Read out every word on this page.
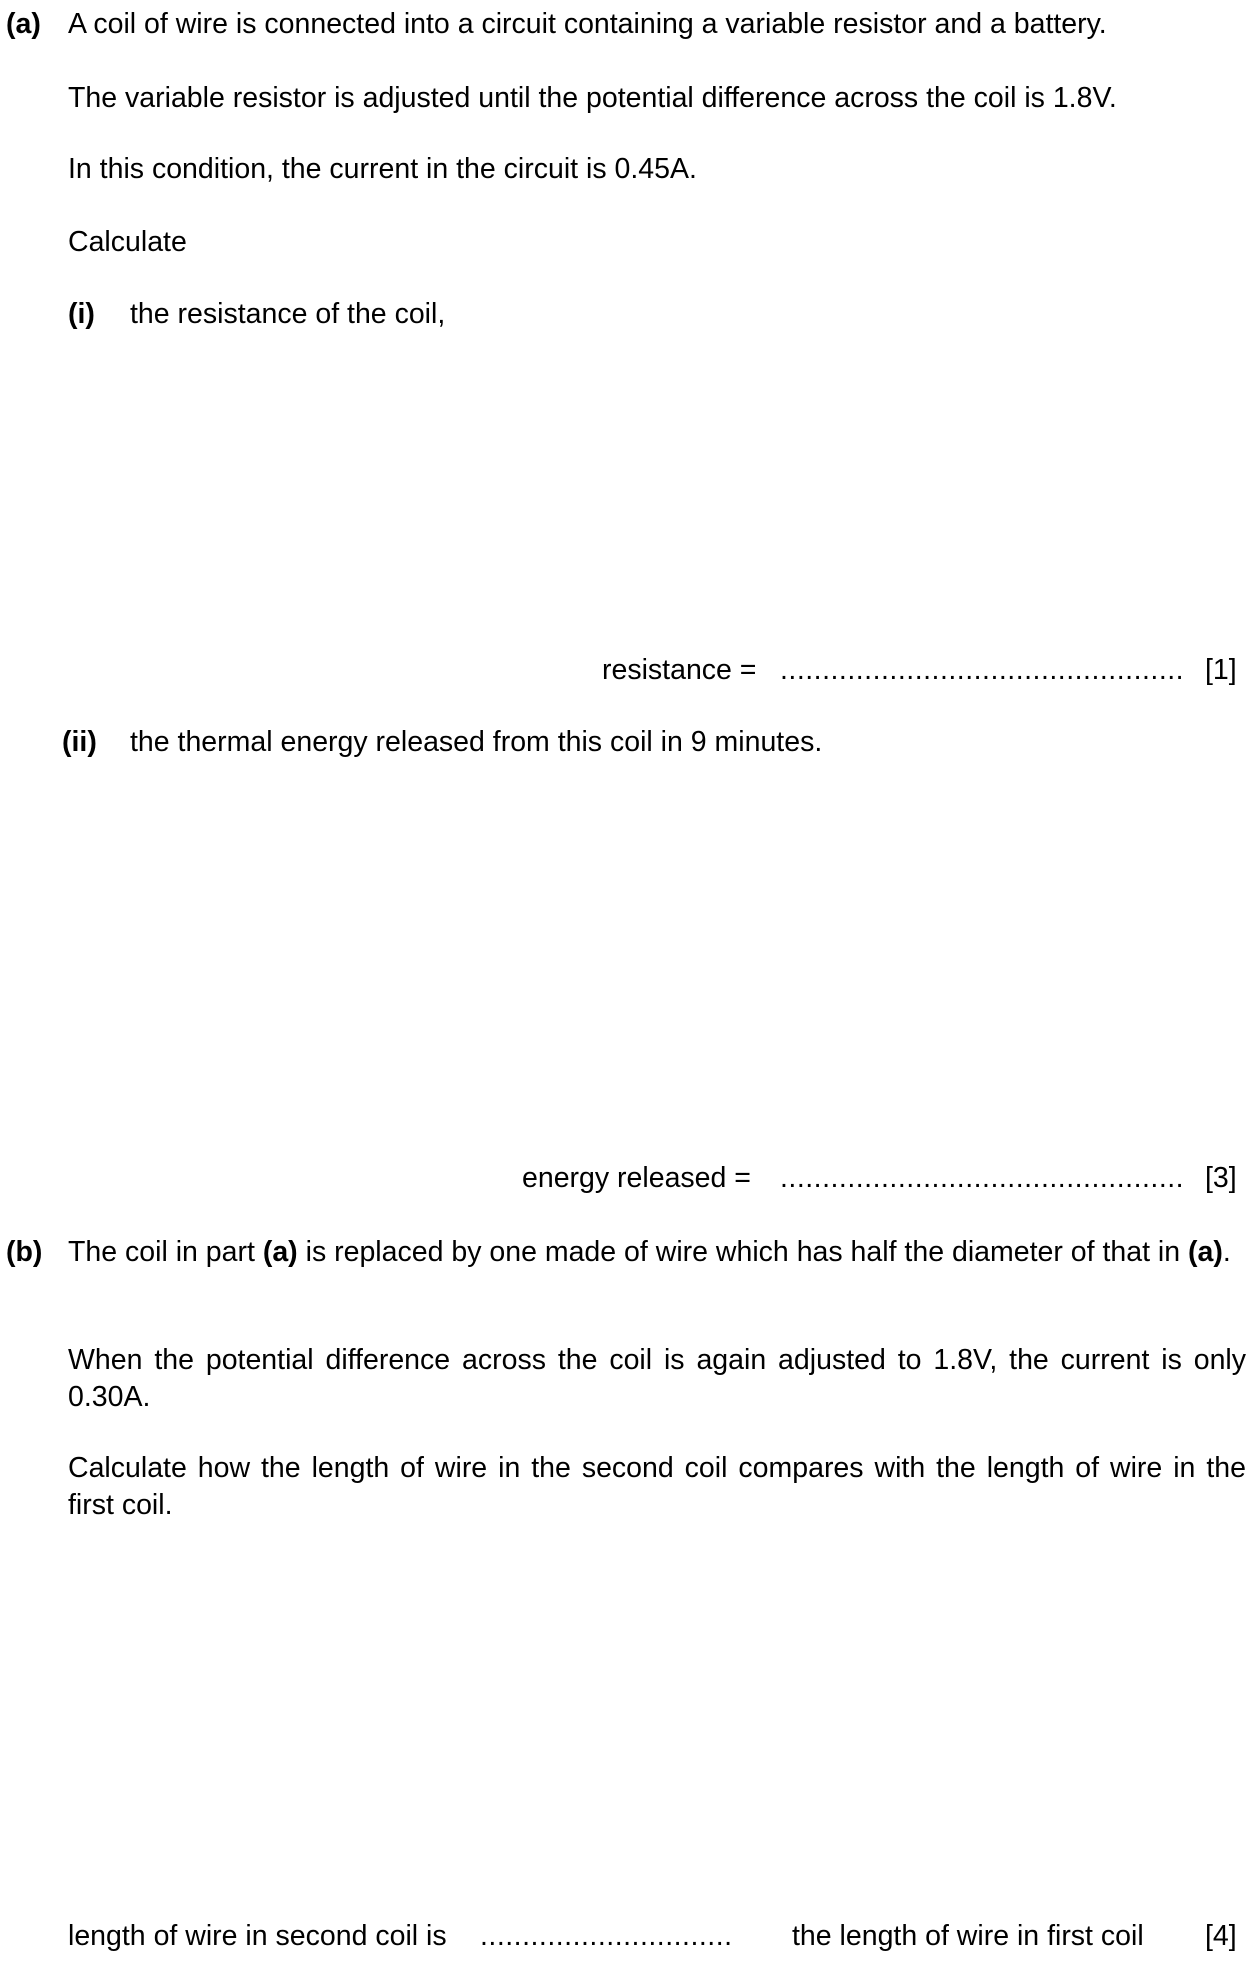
(a) A coil of wire is connected into a circuit containing a variable resistor and a battery.
The variable resistor is adjusted until the potential difference across the coil is 1.8V.
In this condition, the current in the circuit is 0.45A.
Calculate
(i) the resistance of the coil,
resistance = ................................................ [1]
(ii) the thermal energy released from this coil in 9 minutes.
energy released = ................................................ [3]
(b) The coil in part (a) is replaced by one made of wire which has half the diameter of that in (a).
When the potential difference across the coil is again adjusted to 1.8V, the current is only 0.30A.
Calculate how the length of wire in the second coil compares with the length of wire in the first coil.
length of wire in second coil is .............................. the length of wire in first coil [4]
